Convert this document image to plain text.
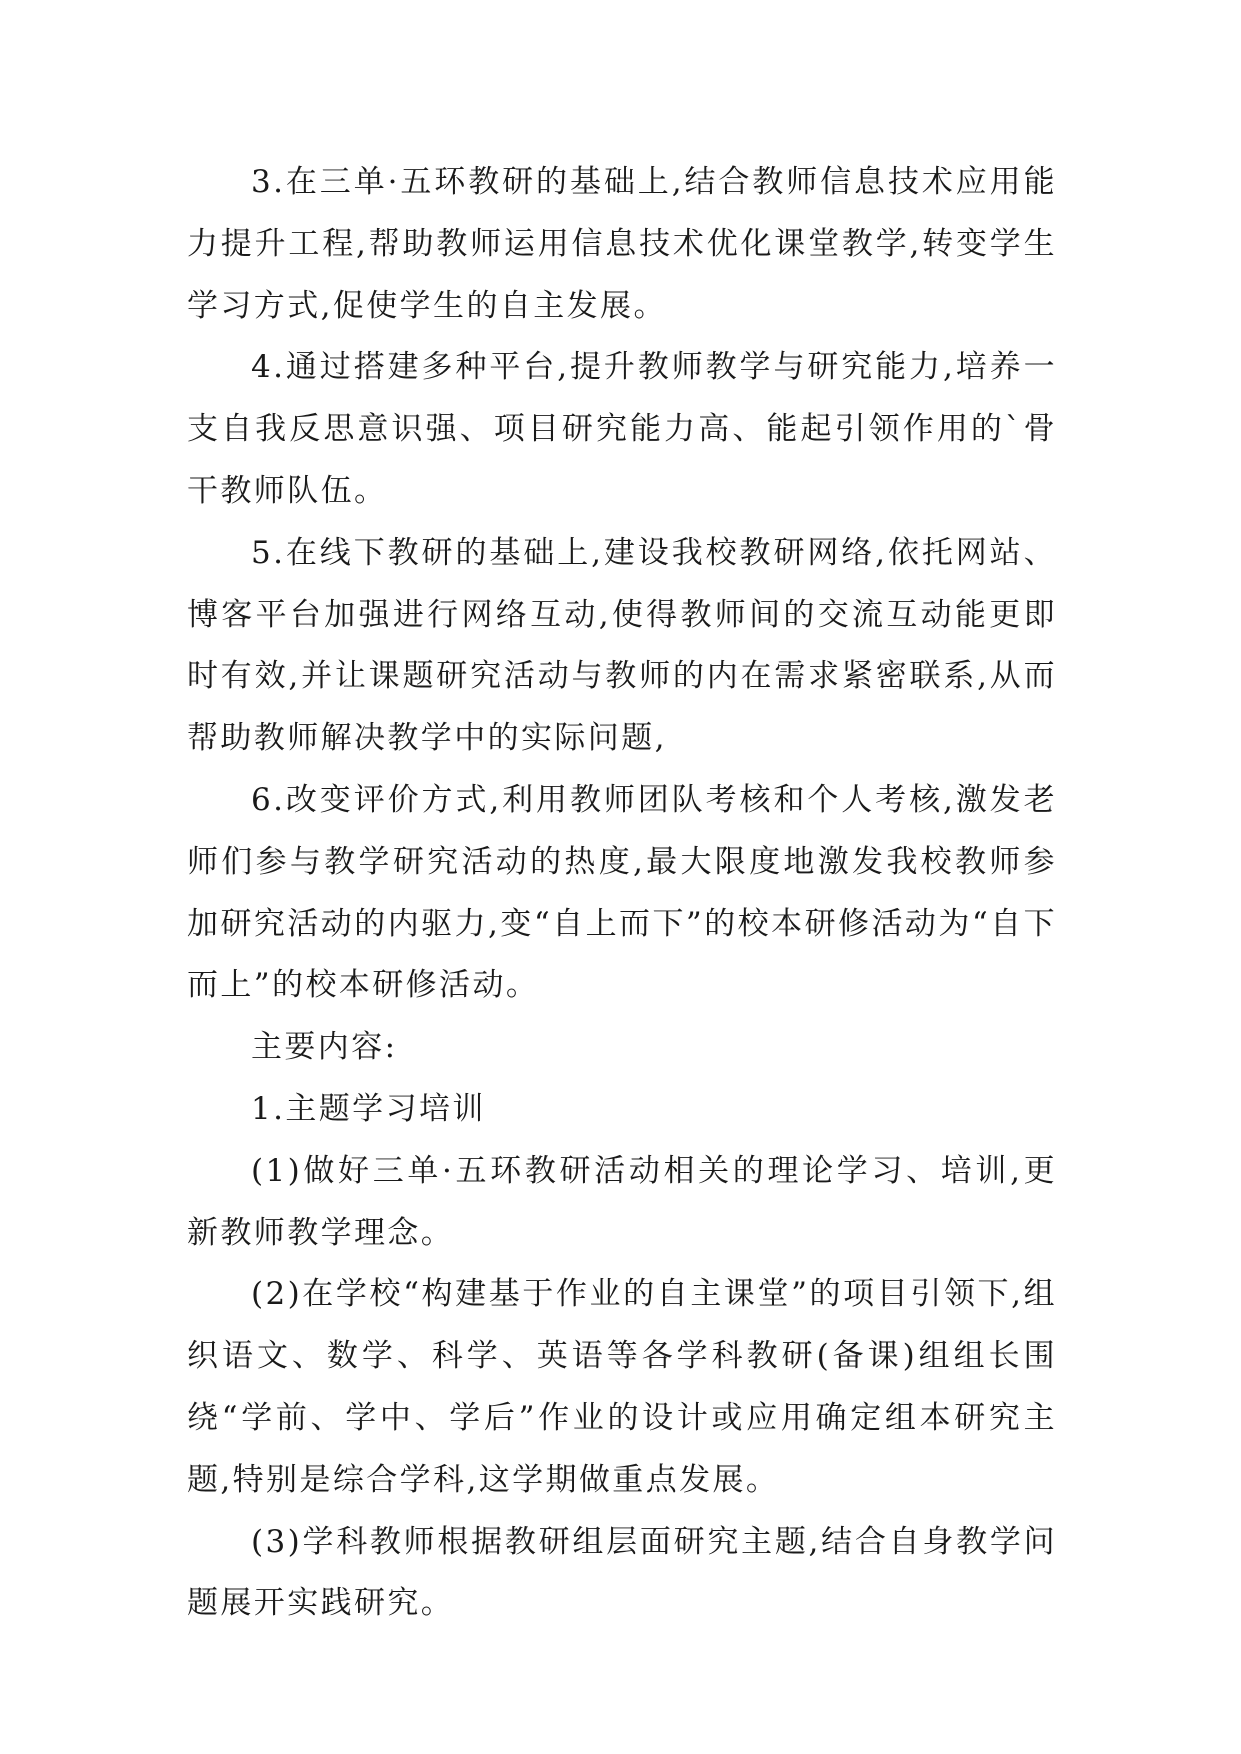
3.在三单·五环教研的基础上,结合教师信息技术应用能力提升工程,帮助教师运用信息技术优化课堂教学,转变学生学习方式,促使学生的自主发展。

4.通过搭建多种平台,提升教师教学与研究能力,培养一支自我反思意识强、项目研究能力高、能起引领作用的`骨干教师队伍。

5.在线下教研的基础上,建设我校教研网络,依托网站、博客平台加强进行网络互动,使得教师间的交流互动能更即时有效,并让课题研究活动与教师的内在需求紧密联系,从而帮助教师解决教学中的实际问题,

6.改变评价方式,利用教师团队考核和个人考核,激发老师们参与教学研究活动的热度,最大限度地激发我校教师参加研究活动的内驱力,变“自上而下”的校本研修活动为“自下而上”的校本研修活动。

主要内容:

1.主题学习培训

(1)做好三单·五环教研活动相关的理论学习、培训,更新教师教学理念。

(2)在学校“构建基于作业的自主课堂”的项目引领下,组织语文、数学、科学、英语等各学科教研(备课)组组长围绕“学前、学中、学后”作业的设计或应用确定组本研究主题,特别是综合学科,这学期做重点发展。

(3)学科教师根据教研组层面研究主题,结合自身教学问题展开实践研究。
